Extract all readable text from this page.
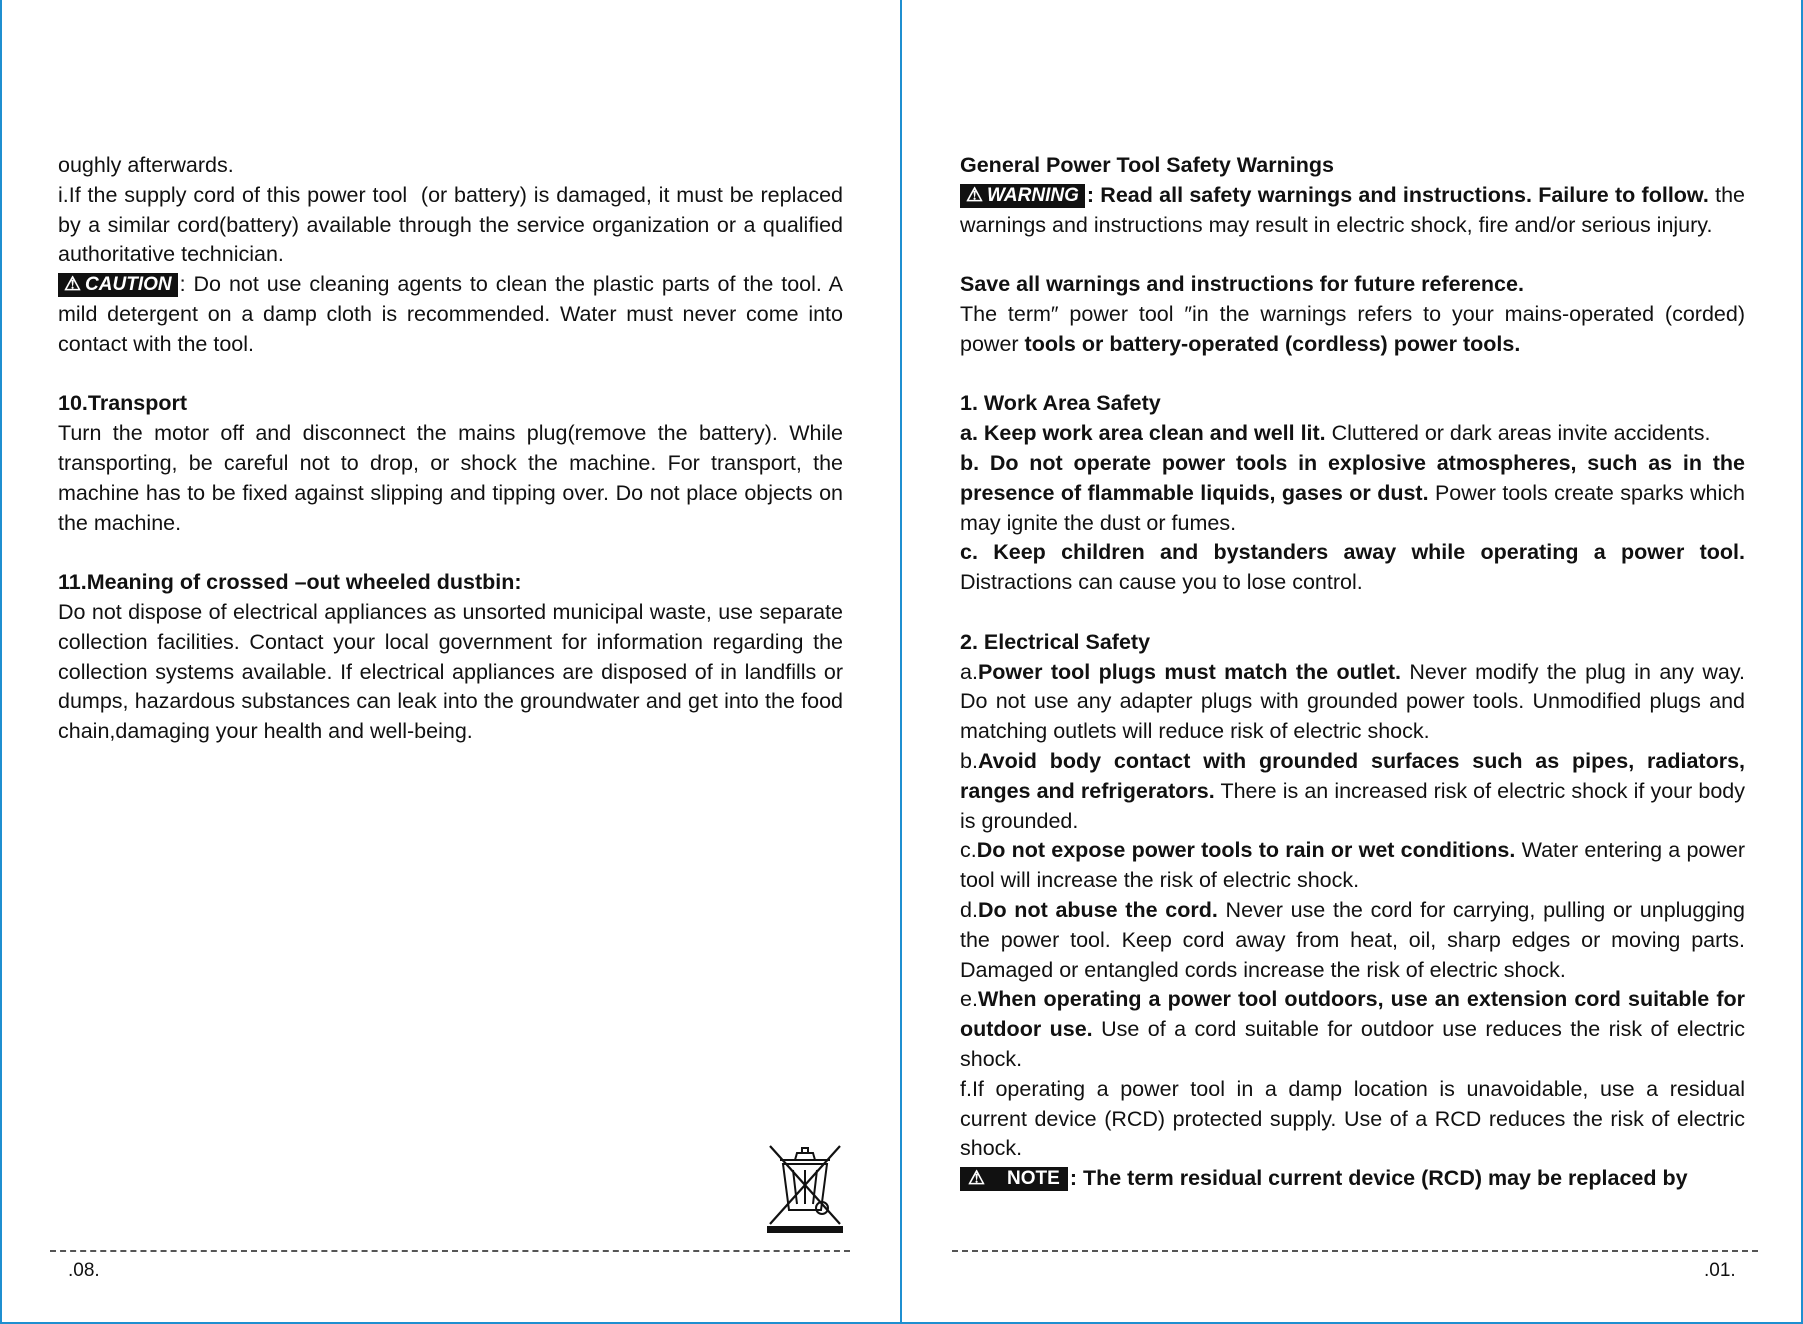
oughly afterwards.

i.If the supply cord of this power tool  (or battery) is damaged, it must be replaced by a similar cord(battery) available through the service organization or a qualified authoritative technician.

⚠ CAUTION : Do not use cleaning agents to clean the plastic parts of the tool. A mild detergent on a damp cloth is recommended. Water must never come into contact with the tool.

10.Transport

Turn the motor off and disconnect the mains plug(remove the battery). While transporting, be careful not to drop, or shock the machine. For transport, the machine has to be fixed against slipping and tipping over. Do not place objects on the machine.

11.Meaning of crossed –out wheeled dustbin:

Do not dispose of electrical appliances as unsorted municipal waste, use separate collection facilities. Contact your local government for information regarding the collection systems available. If electrical appliances are disposed of in landfills or dumps, hazardous substances can leak into the groundwater and get into the food chain,damaging your health and well-being.

.08.

General Power Tool Safety Warnings

⚠ WARNING : Read all safety warnings and instructions. Failure to follow. the warnings and instructions may result in electric shock, fire and/or serious injury.

Save all warnings and instructions for future reference.

The term″ power tool ″in the warnings refers to your mains-operated (corded) power tools or battery-operated (cordless) power tools.

1. Work Area Safety

a. Keep work area clean and well lit. Cluttered or dark areas invite accidents.

b. Do not operate power tools in explosive atmospheres, such as in the presence of flammable liquids, gases or dust. Power tools create sparks which may ignite the dust or fumes.

c. Keep children and bystanders away while operating a power tool. Distractions can cause you to lose control.

2. Electrical Safety

a.Power tool plugs must match the outlet. Never modify the plug in any way. Do not use any adapter plugs with grounded power tools. Unmodified plugs and matching outlets will reduce risk of electric shock.

b.Avoid body contact with grounded surfaces such as pipes, radiators, ranges and refrigerators. There is an increased risk of electric shock if your body is grounded.

c.Do not expose power tools to rain or wet conditions. Water entering a power tool will increase the risk of electric shock.

d.Do not abuse the cord. Never use the cord for carrying, pulling or unplugging the power tool. Keep cord away from heat, oil, sharp edges or moving parts. Damaged or entangled cords increase the risk of electric shock.

e.When operating a power tool outdoors, use an extension cord suitable for outdoor use. Use of a cord suitable for outdoor use reduces the risk of electric shock.

f.If operating a power tool in a damp location is unavoidable, use a residual current device (RCD) protected supply. Use of a RCD reduces the risk of electric shock.

⚠ NOTE : The term residual current device (RCD) may be replaced by

.01.
